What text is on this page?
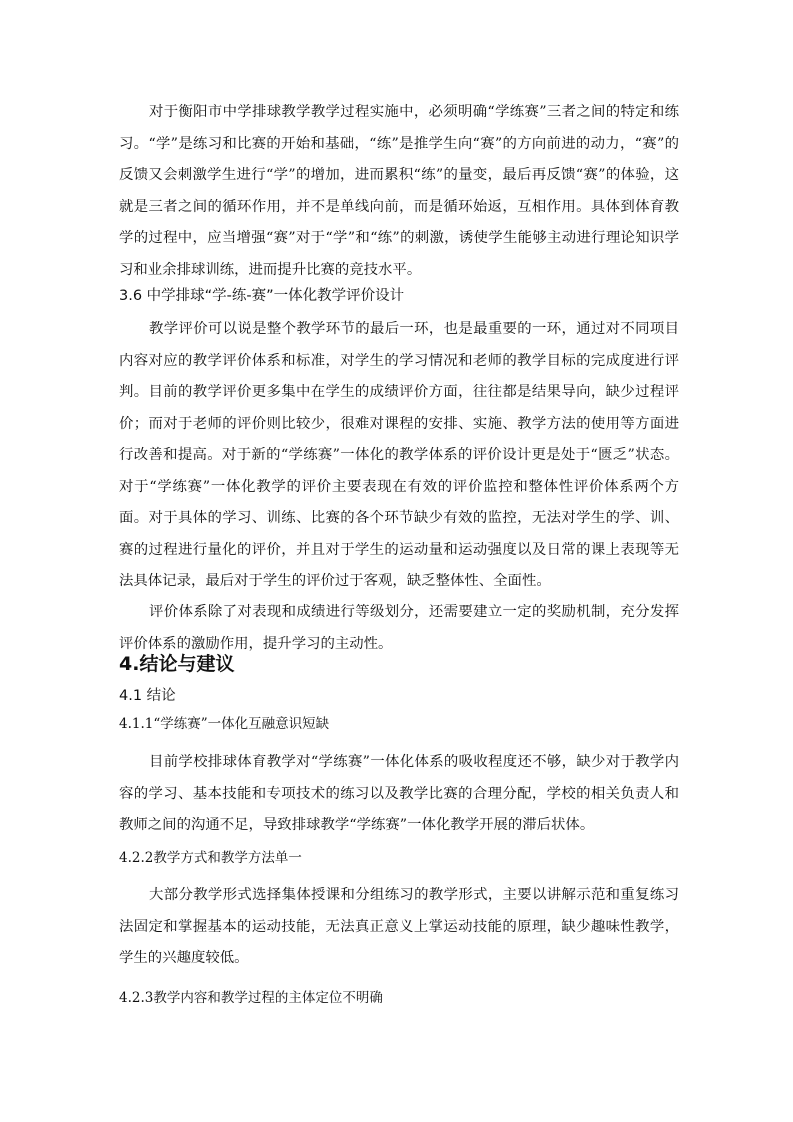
对于衡阳市中学排球教学教学过程实施中，必须明确“学练赛”三者之间的特定和练习。“学”是练习和比赛的开始和基础，“练”是推学生向“赛”的方向前进的动力，“赛”的反馈又会刺激学生进行“学”的增加，进而累积“练”的量变，最后再反馈“赛”的体验，这就是三者之间的循环作用，并不是单线向前，而是循环始返，互相作用。具体到体育教学的过程中，应当增强“赛”对于“学”和“练”的刺激，诱使学生能够主动进行理论知识学习和业余排球训练，进而提升比赛的竞技水平。

3.6 中学排球“学-练-赛”一体化教学评价设计

教学评价可以说是整个教学环节的最后一环，也是最重要的一环，通过对不同项目内容对应的教学评价体系和标准，对学生的学习情况和老师的教学目标的完成度进行评判。目前的教学评价更多集中在学生的成绩评价方面，往往都是结果导向，缺少过程评价；而对于老师的评价则比较少，很难对课程的安排、实施、教学方法的使用等方面进行改善和提高。对于新的“学练赛”一体化的教学体系的评价设计更是处于“匮乏”状态。对于“学练赛”一体化教学的评价主要表现在有效的评价监控和整体性评价体系两个方面。对于具体的学习、训练、比赛的各个环节缺少有效的监控，无法对学生的学、训、赛的过程进行量化的评价，并且对于学生的运动量和运动强度以及日常的课上表现等无法具体记录，最后对于学生的评价过于客观，缺乏整体性、全面性。

评价体系除了对表现和成绩进行等级划分，还需要建立一定的奖励机制，充分发挥评价体系的激励作用，提升学习的主动性。

4.结论与建议
4.1 结论
4.1.1“学练赛”一体化互融意识短缺

目前学校排球体育教学对“学练赛”一体化体系的吸收程度还不够，缺少对于教学内容的学习、基本技能和专项技术的练习以及教学比赛的合理分配，学校的相关负责人和教师之间的沟通不足，导致排球教学“学练赛”一体化教学开展的滞后状体。

4.2.2教学方式和教学方法单一

大部分教学形式选择集体授课和分组练习的教学形式，主要以讲解示范和重复练习法固定和掌握基本的运动技能，无法真正意义上掌运动技能的原理，缺少趣味性教学，学生的兴趣度较低。

4.2.3教学内容和教学过程的主体定位不明确
